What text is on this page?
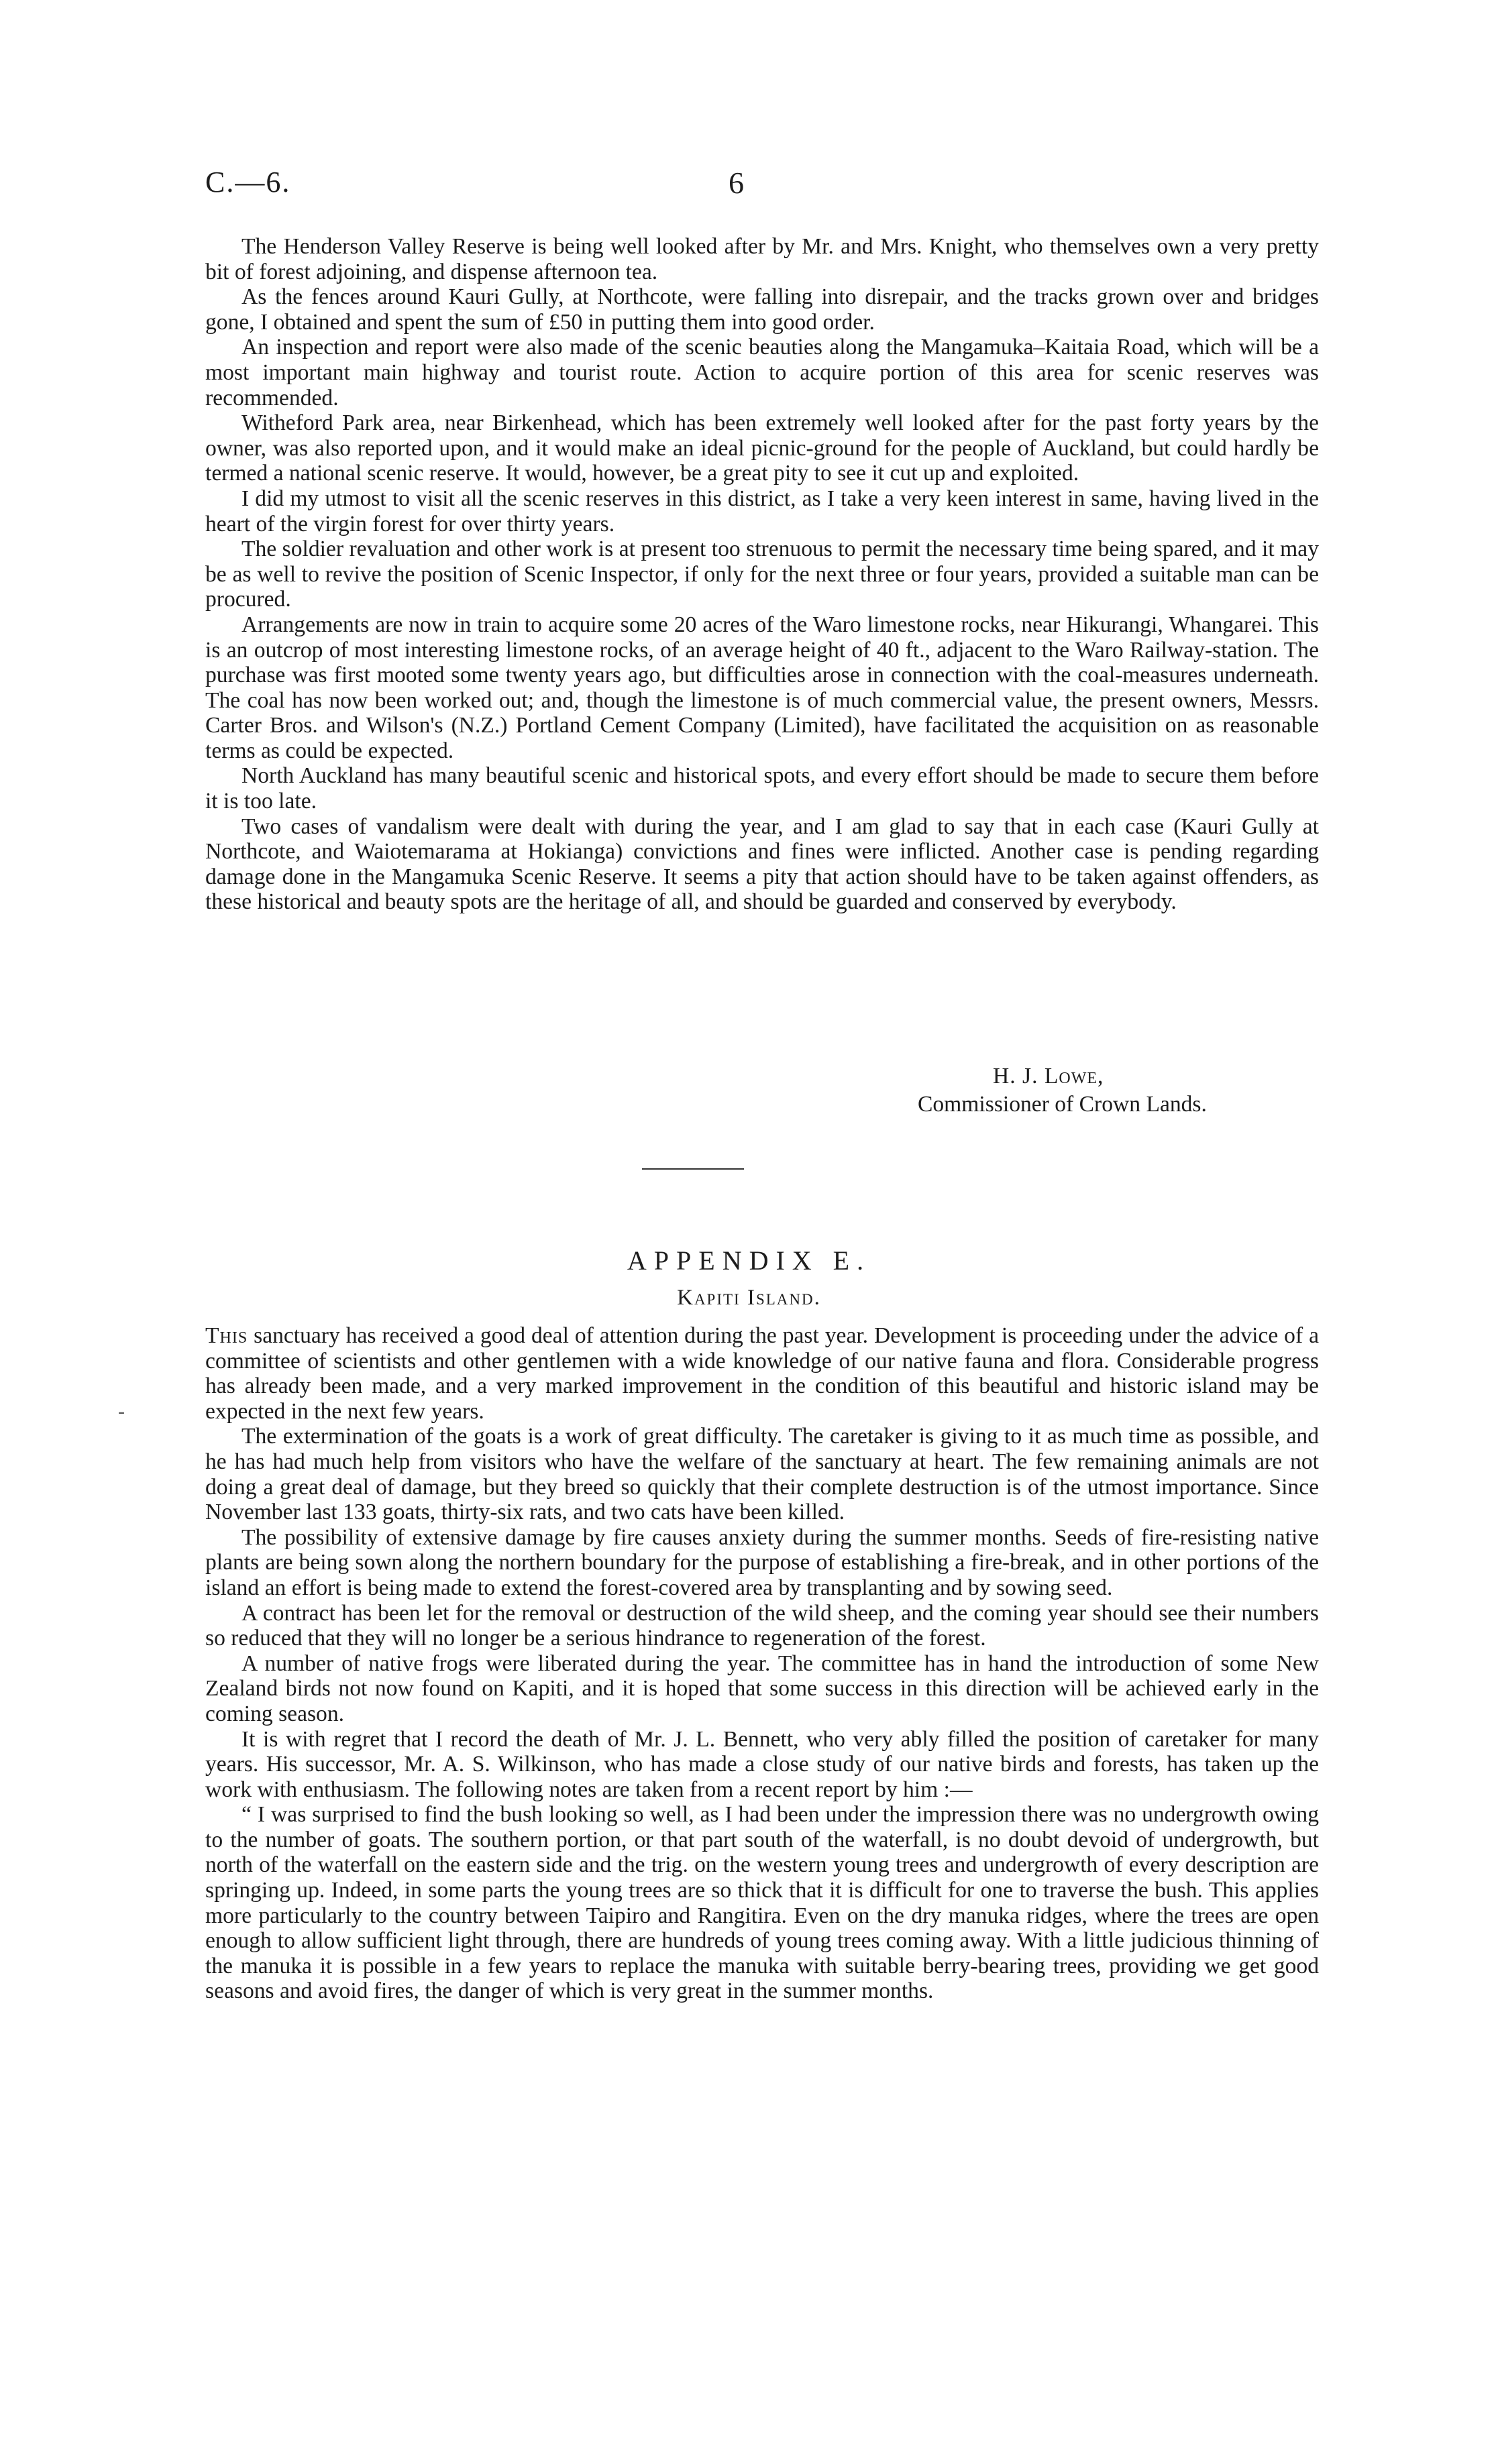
C.—6.	6

The Henderson Valley Reserve is being well looked after by Mr. and Mrs. Knight, who themselves own a very pretty bit of forest adjoining, and dispense afternoon tea.

As the fences around Kauri Gully, at Northcote, were falling into disrepair, and the tracks grown over and bridges gone, I obtained and spent the sum of £50 in putting them into good order.

An inspection and report were also made of the scenic beauties along the Mangamuka–Kaitaia Road, which will be a most important main highway and tourist route. Action to acquire portion of this area for scenic reserves was recommended.

Witheford Park area, near Birkenhead, which has been extremely well looked after for the past forty years by the owner, was also reported upon, and it would make an ideal picnic-ground for the people of Auckland, but could hardly be termed a national scenic reserve. It would, however, be a great pity to see it cut up and exploited.

I did my utmost to visit all the scenic reserves in this district, as I take a very keen interest in same, having lived in the heart of the virgin forest for over thirty years.

The soldier revaluation and other work is at present too strenuous to permit the necessary time being spared, and it may be as well to revive the position of Scenic Inspector, if only for the next three or four years, provided a suitable man can be procured.

Arrangements are now in train to acquire some 20 acres of the Waro limestone rocks, near Hikurangi, Whangarei. This is an outcrop of most interesting limestone rocks, of an average height of 40 ft., adjacent to the Waro Railway-station. The purchase was first mooted some twenty years ago, but difficulties arose in connection with the coal-measures underneath. The coal has now been worked out; and, though the limestone is of much commercial value, the present owners, Messrs. Carter Bros. and Wilson's (N.Z.) Portland Cement Company (Limited), have facilitated the acquisition on as reasonable terms as could be expected.

North Auckland has many beautiful scenic and historical spots, and every effort should be made to secure them before it is too late.

Two cases of vandalism were dealt with during the year, and I am glad to say that in each case (Kauri Gully at Northcote, and Waiotemarama at Hokianga) convictions and fines were inflicted. Another case is pending regarding damage done in the Mangamuka Scenic Reserve. It seems a pity that action should have to be taken against offenders, as these historical and beauty spots are the heritage of all, and should be guarded and conserved by everybody.

H. J. Lowe,
Commissioner of Crown Lands.
APPENDIX E.
Kapiti Island.
-

This sanctuary has received a good deal of attention during the past year. Development is proceeding under the advice of a committee of scientists and other gentlemen with a wide knowledge of our native fauna and flora. Considerable progress has already been made, and a very marked improvement in the condition of this beautiful and historic island may be expected in the next few years.

The extermination of the goats is a work of great difficulty. The caretaker is giving to it as much time as possible, and he has had much help from visitors who have the welfare of the sanctuary at heart. The few remaining animals are not doing a great deal of damage, but they breed so quickly that their complete destruction is of the utmost importance. Since November last 133 goats, thirty-six rats, and two cats have been killed.

The possibility of extensive damage by fire causes anxiety during the summer months. Seeds of fire-resisting native plants are being sown along the northern boundary for the purpose of establishing a fire-break, and in other portions of the island an effort is being made to extend the forest-covered area by transplanting and by sowing seed.

A contract has been let for the removal or destruction of the wild sheep, and the coming year should see their numbers so reduced that they will no longer be a serious hindrance to regeneration of the forest.

A number of native frogs were liberated during the year. The committee has in hand the introduction of some New Zealand birds not now found on Kapiti, and it is hoped that some success in this direction will be achieved early in the coming season.

It is with regret that I record the death of Mr. J. L. Bennett, who very ably filled the position of caretaker for many years. His successor, Mr. A. S. Wilkinson, who has made a close study of our native birds and forests, has taken up the work with enthusiasm. The following notes are taken from a recent report by him :—

“ I was surprised to find the bush looking so well, as I had been under the impression there was no undergrowth owing to the number of goats. The southern portion, or that part south of the waterfall, is no doubt devoid of undergrowth, but north of the waterfall on the eastern side and the trig. on the western young trees and undergrowth of every description are springing up. Indeed, in some parts the young trees are so thick that it is difficult for one to traverse the bush. This applies more particularly to the country between Taipiro and Rangitira. Even on the dry manuka ridges, where the trees are open enough to allow sufficient light through, there are hundreds of young trees coming away. With a little judicious thinning of the manuka it is possible in a few years to replace the manuka with suitable berry-bearing trees, providing we get good seasons and avoid fires, the danger of which is very great in the summer months.
